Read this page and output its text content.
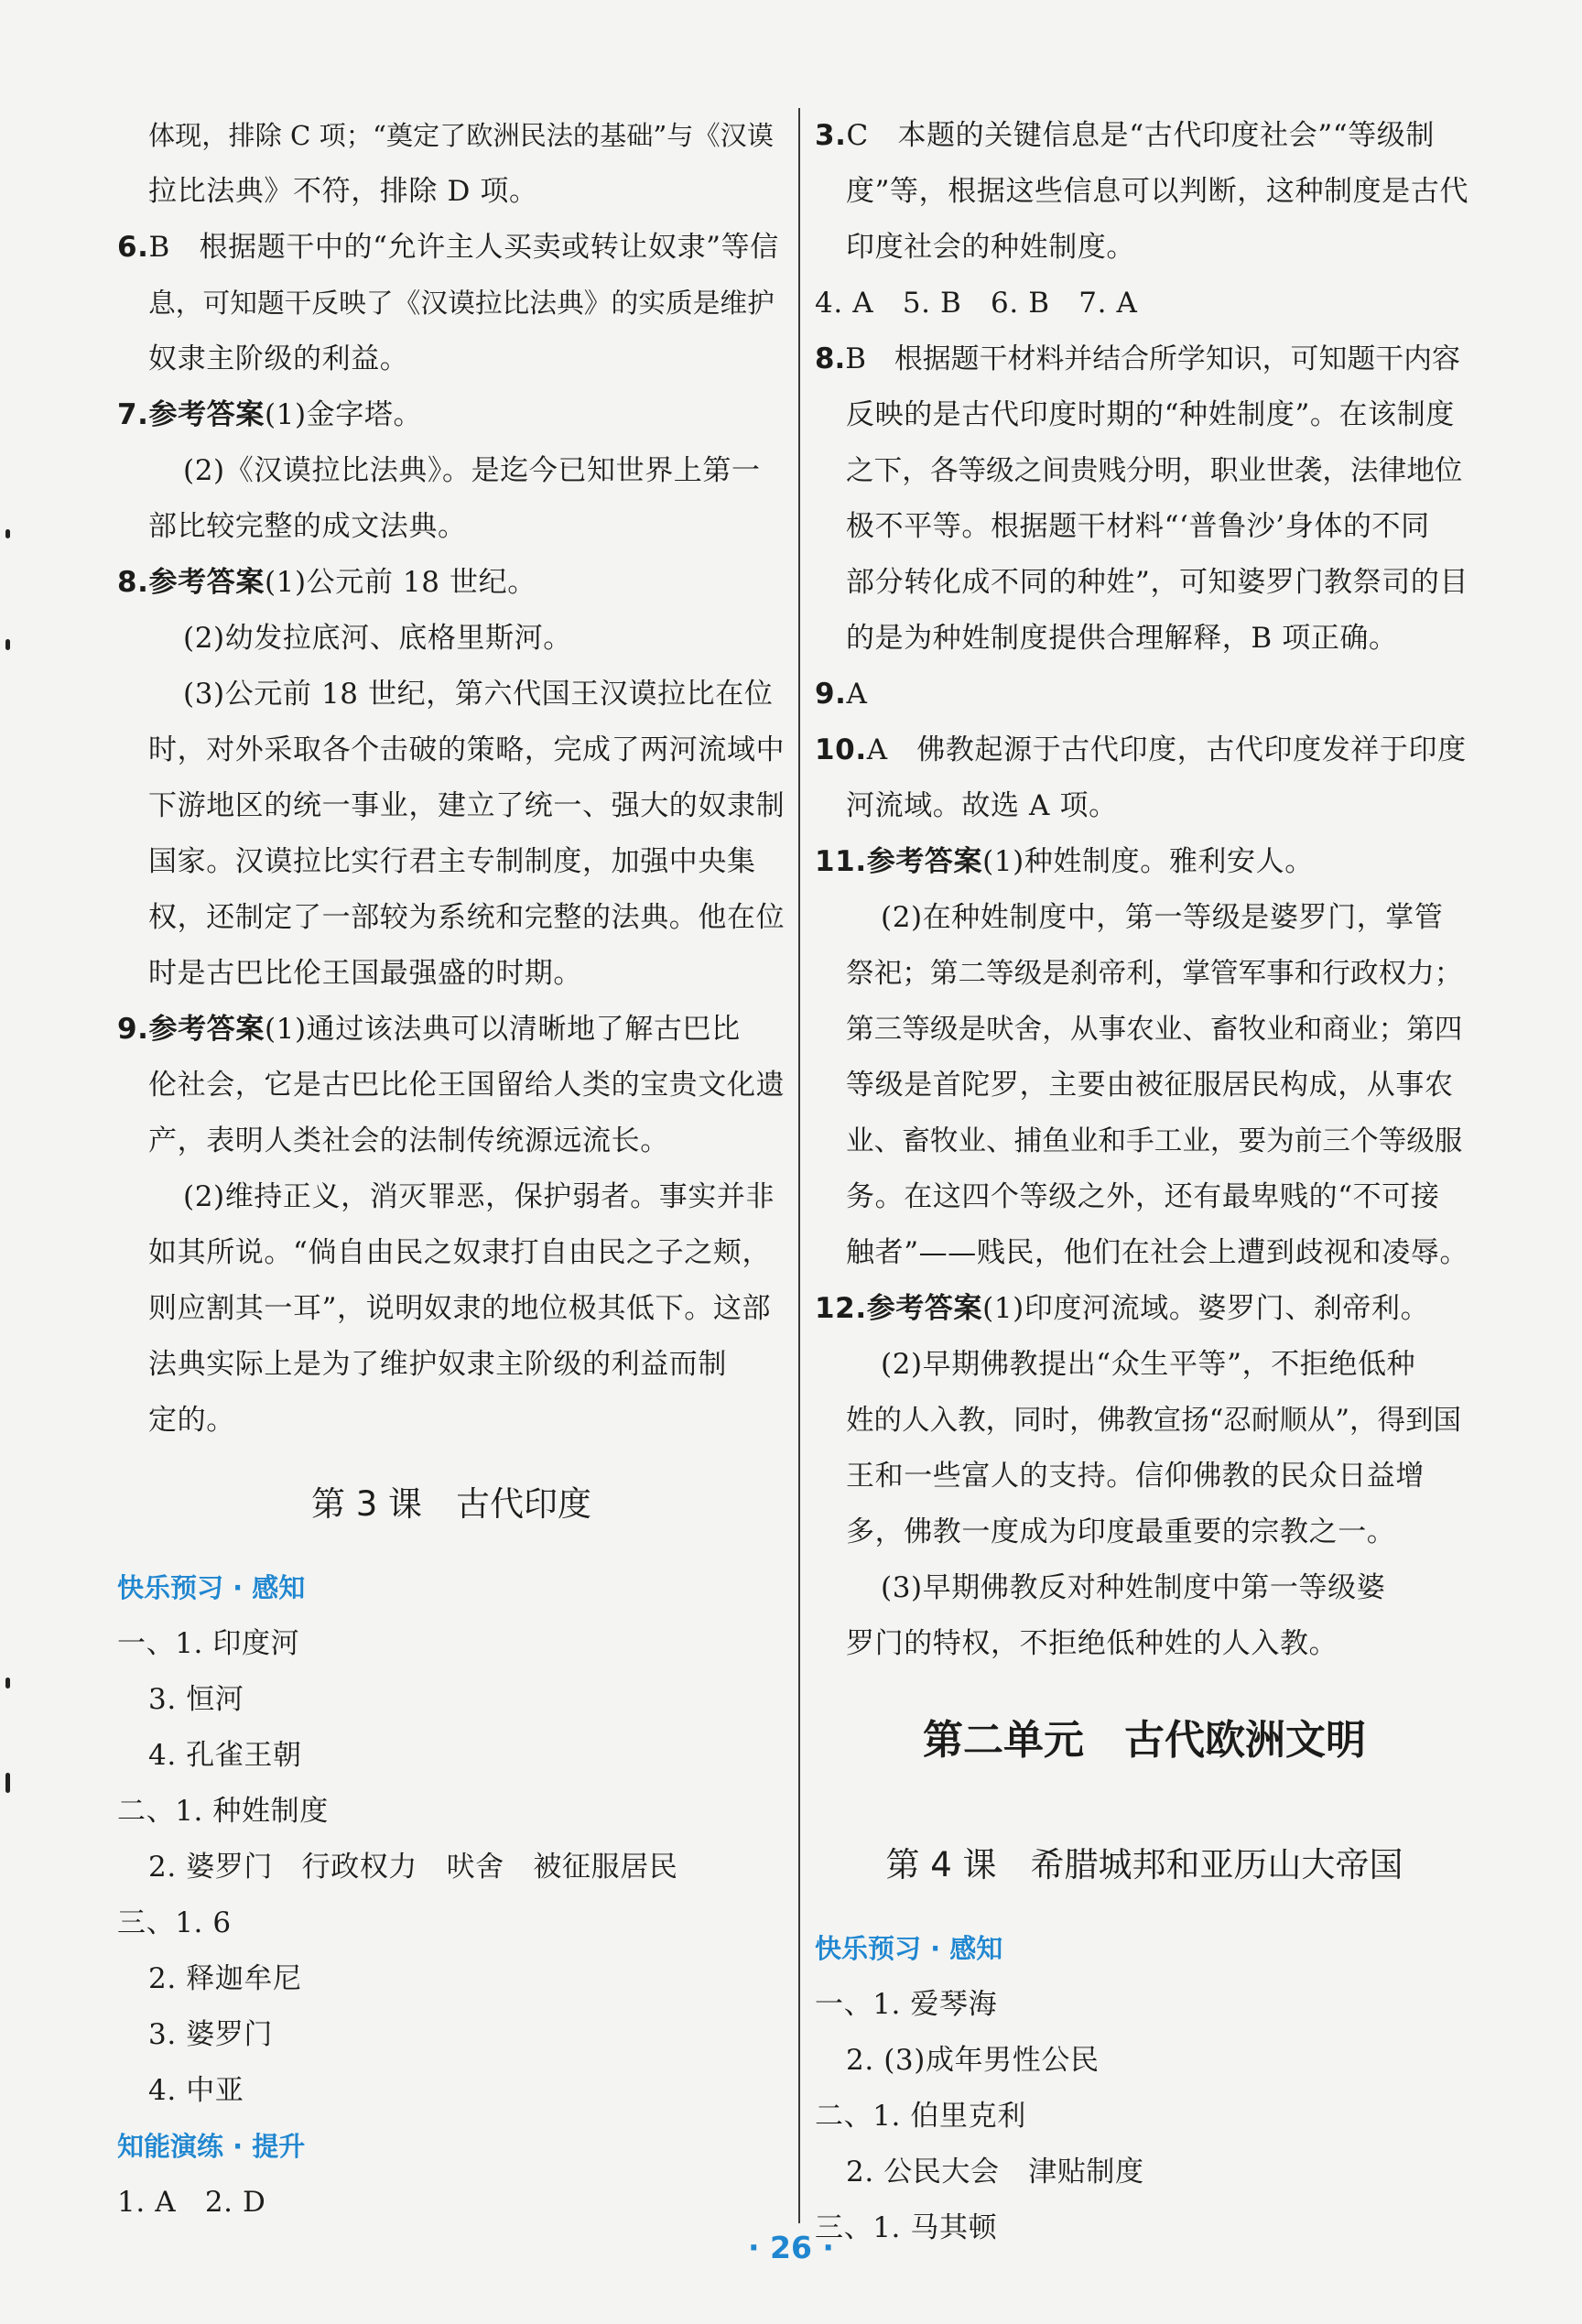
体现，排除 C 项；“奠定了欧洲民法的基础”与《汉谟
拉比法典》不符，排除 D 项。
6.B　根据题干中的“允许主人买卖或转让奴隶”等信
息，可知题干反映了《汉谟拉比法典》的实质是维护
奴隶主阶级的利益。
7.参考答案(1)金字塔。
(2)《汉谟拉比法典》。是迄今已知世界上第一
部比较完整的成文法典。
8.参考答案(1)公元前 18 世纪。
(2)幼发拉底河、底格里斯河。
(3)公元前 18 世纪，第六代国王汉谟拉比在位
时，对外采取各个击破的策略，完成了两河流域中
下游地区的统一事业，建立了统一、强大的奴隶制
国家。汉谟拉比实行君主专制制度，加强中央集
权，还制定了一部较为系统和完整的法典。他在位
时是古巴比伦王国最强盛的时期。
9.参考答案(1)通过该法典可以清晰地了解古巴比
伦社会，它是古巴比伦王国留给人类的宝贵文化遗
产，表明人类社会的法制传统源远流长。
(2)维持正义，消灭罪恶，保护弱者。事实并非
如其所说。“倘自由民之奴隶打自由民之子之颊，
则应割其一耳”，说明奴隶的地位极其低下。这部
法典实际上是为了维护奴隶主阶级的利益而制
定的。
第 3 课　古代印度
快乐预习 · 感知
一、1. 印度河
3. 恒河
4. 孔雀王朝
二、1. 种姓制度
2. 婆罗门　行政权力　吠舍　被征服居民
三、1. 6
2. 释迦牟尼
3. 婆罗门
4. 中亚
知能演练 · 提升
1. A　2. D
3.C　本题的关键信息是“古代印度社会”“等级制
度”等，根据这些信息可以判断，这种制度是古代
印度社会的种姓制度。
4. A　5. B　6. B　7. A
8.B　根据题干材料并结合所学知识，可知题干内容
反映的是古代印度时期的“种姓制度”。在该制度
之下，各等级之间贵贱分明，职业世袭，法律地位
极不平等。根据题干材料“‘普鲁沙’身体的不同
部分转化成不同的种姓”，可知婆罗门教祭司的目
的是为种姓制度提供合理解释，B 项正确。
9.A
10.A　佛教起源于古代印度，古代印度发祥于印度
河流域。故选 A 项。
11.参考答案(1)种姓制度。雅利安人。
(2)在种姓制度中，第一等级是婆罗门，掌管
祭祀；第二等级是刹帝利，掌管军事和行政权力；
第三等级是吠舍，从事农业、畜牧业和商业；第四
等级是首陀罗，主要由被征服居民构成，从事农
业、畜牧业、捕鱼业和手工业，要为前三个等级服
务。在这四个等级之外，还有最卑贱的“不可接
触者”——贱民，他们在社会上遭到歧视和凌辱。
12.参考答案(1)印度河流域。婆罗门、刹帝利。
(2)早期佛教提出“众生平等”，不拒绝低种
姓的人入教，同时，佛教宣扬“忍耐顺从”，得到国
王和一些富人的支持。信仰佛教的民众日益增
多，佛教一度成为印度最重要的宗教之一。
(3)早期佛教反对种姓制度中第一等级婆
罗门的特权，不拒绝低种姓的人入教。
第二单元　古代欧洲文明
第 4 课　希腊城邦和亚历山大帝国
快乐预习 · 感知
一、1. 爱琴海
2. (3)成年男性公民
二、1. 伯里克利
2. 公民大会　津贴制度
三、1. 马其顿
· 26 ·
